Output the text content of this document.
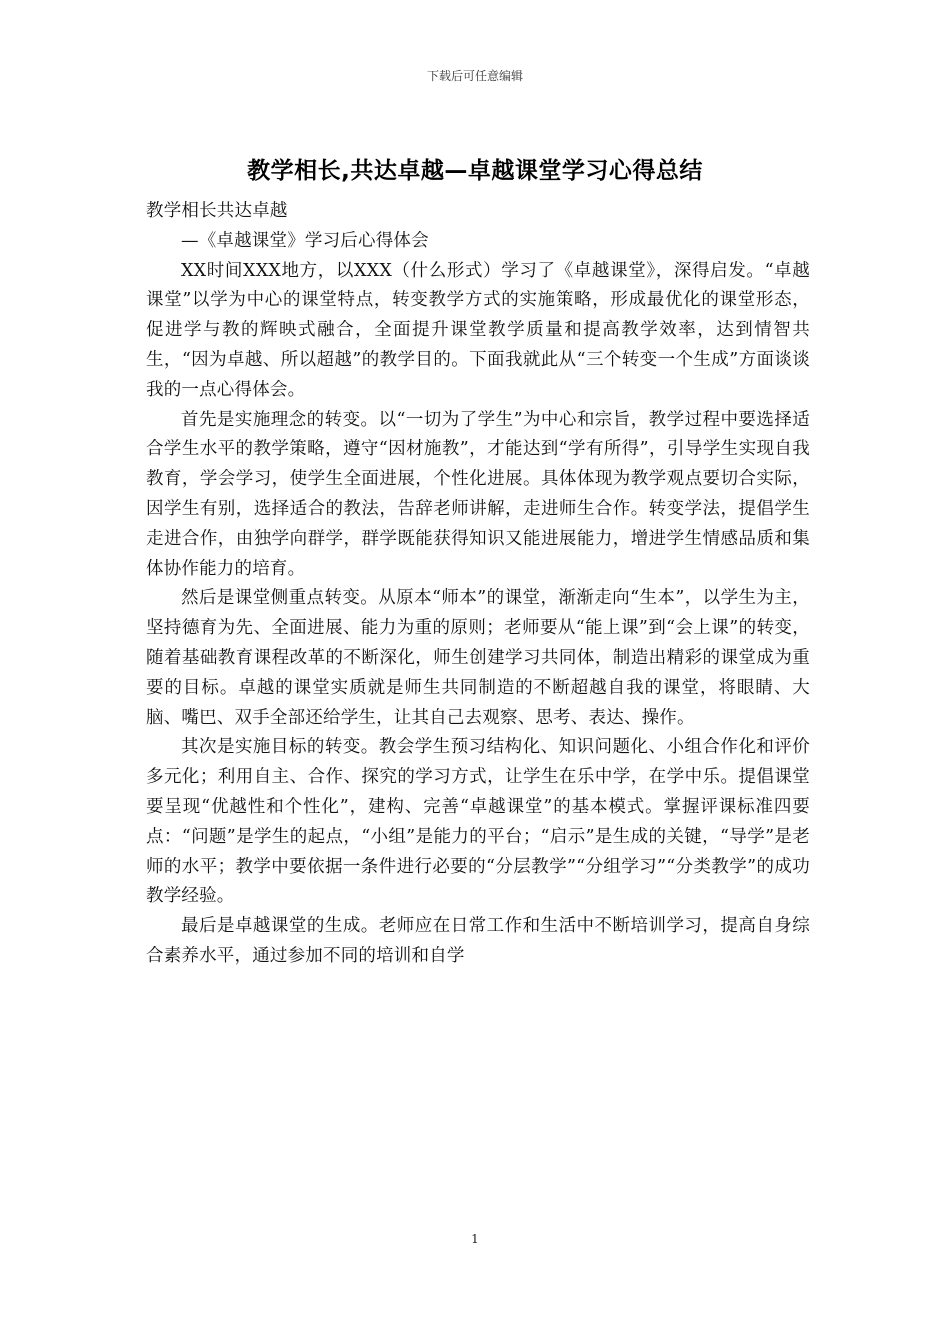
下载后可任意编辑
教学相长,共达卓越—卓越课堂学习心得总结

教学相长共达卓越

—《卓越课堂》学习后心得体会

XX时间XXX地方，以XXX（什么形式）学习了《卓越课堂》，深得启发。“卓越课堂”以学为中心的课堂特点，转变教学方式的实施策略，形成最优化的课堂形态，促进学与教的辉映式融合，全面提升课堂教学质量和提高教学效率，达到情智共生，“因为卓越、所以超越”的教学目的。下面我就此从“三个转变一个生成”方面谈谈我的一点心得体会。

首先是实施理念的转变。以“一切为了学生”为中心和宗旨，教学过程中要选择适合学生水平的教学策略，遵守“因材施教”，才能达到“学有所得”，引导学生实现自我教育，学会学习，使学生全面进展，个性化进展。具体体现为教学观点要切合实际，因学生有别，选择适合的教法，告辞老师讲解，走进师生合作。转变学法，提倡学生走进合作，由独学向群学，群学既能获得知识又能进展能力，增进学生情感品质和集体协作能力的培育。

然后是课堂侧重点转变。从原本“师本”的课堂，渐渐走向“生本”，以学生为主，坚持德育为先、全面进展、能力为重的原则；老师要从“能上课”到“会上课”的转变，随着基础教育课程改革的不断深化，师生创建学习共同体，制造出精彩的课堂成为重要的目标。卓越的课堂实质就是师生共同制造的不断超越自我的课堂，将眼睛、大脑、嘴巴、双手全部还给学生，让其自己去观察、思考、表达、操作。

其次是实施目标的转变。教会学生预习结构化、知识问题化、小组合作化和评价多元化；利用自主、合作、探究的学习方式，让学生在乐中学，在学中乐。提倡课堂要呈现“优越性和个性化”，建构、完善“卓越课堂”的基本模式。掌握评课标准四要点：“问题”是学生的起点，“小组”是能力的平台；“启示”是生成的关键，“导学”是老师的水平；教学中要依据一条件进行必要的“分层教学”“分组学习”“分类教学”的成功教学经验。

最后是卓越课堂的生成。老师应在日常工作和生活中不断培训学习，提高自身综合素养水平，通过参加不同的培训和自学

1
